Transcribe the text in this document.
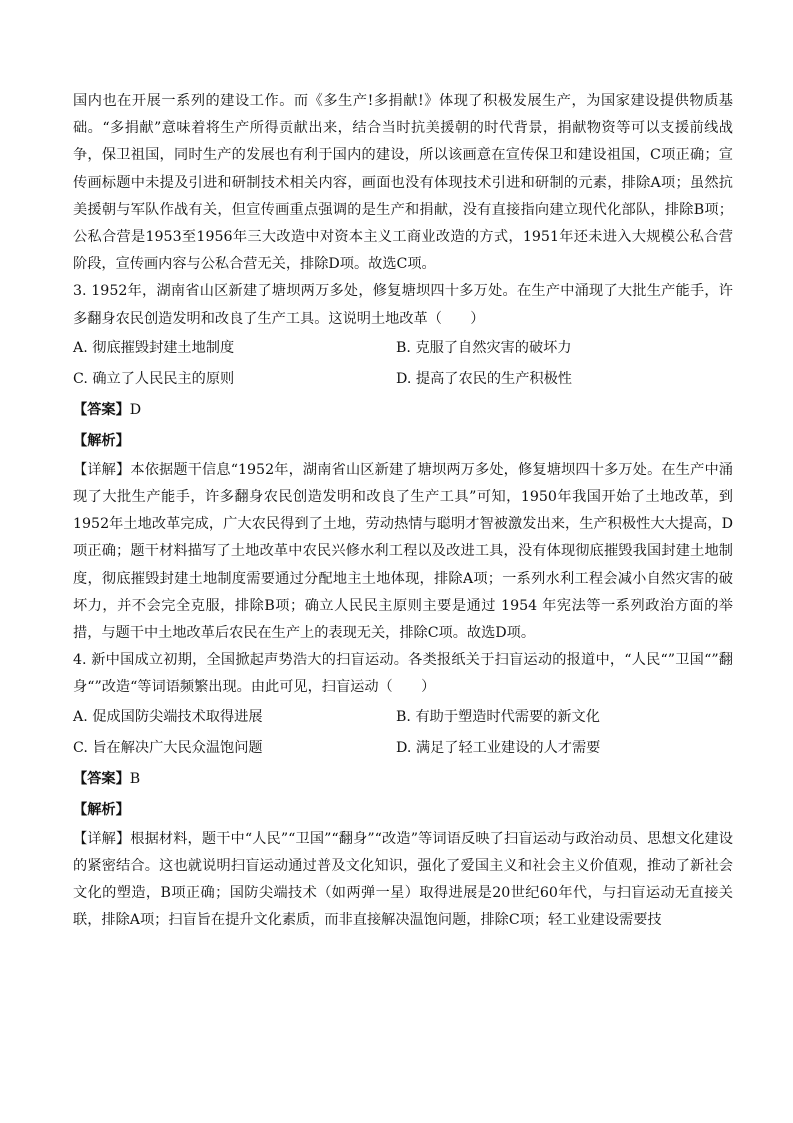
国内也在开展一系列的建设工作。而《多生产!多捐献!》体现了积极发展生产，为国家建设提供物质基础。“多捐献”意味着将生产所得贡献出来，结合当时抗美援朝的时代背景，捐献物资等可以支援前线战争，保卫祖国，同时生产的发展也有利于国内的建设，所以该画意在宣传保卫和建设祖国，C项正确；宣传画标题中未提及引进和研制技术相关内容，画面也没有体现技术引进和研制的元素，排除A项；虽然抗美援朝与军队作战有关，但宣传画重点强调的是生产和捐献，没有直接指向建立现代化部队，排除B项；公私合营是1953至1956年三大改造中对资本主义工商业改造的方式，1951年还未进入大规模公私合营阶段，宣传画内容与公私合营无关，排除D项。故选C项。

3. 1952年，湖南省山区新建了塘坝两万多处，修复塘坝四十多万处。在生产中涌现了大批生产能手，许多翻身农民创造发明和改良了生产工具。这说明土地改革（　　）

A. 彻底摧毁封建土地制度	B. 克服了自然灾害的破坏力
C. 确立了人民民主的原则	D. 提高了农民的生产积极性

【答案】D

【解析】

【详解】本依据题干信息“1952年，湖南省山区新建了塘坝两万多处，修复塘坝四十多万处。在生产中涌现了大批生产能手，许多翻身农民创造发明和改良了生产工具”可知，1950年我国开始了土地改革，到1952年土地改革完成，广大农民得到了土地，劳动热情与聪明才智被激发出来，生产积极性大大提高，D项正确；题干材料描写了土地改革中农民兴修水利工程以及改进工具，没有体现彻底摧毁我国封建土地制度，彻底摧毁封建土地制度需要通过分配地主土地体现，排除A项；一系列水利工程会减小自然灾害的破坏力，并不会完全克服，排除B项；确立人民民主原则主要是通过 1954 年宪法等一系列政治方面的举措，与题干中土地改革后农民在生产上的表现无关，排除C项。故选D项。

4. 新中国成立初期，全国掀起声势浩大的扫盲运动。各类报纸关于扫盲运动的报道中，“人民“”卫国“”翻身“”改造“等词语频繁出现。由此可见，扫盲运动（　　）

A. 促成国防尖端技术取得进展	B. 有助于塑造时代需要的新文化
C. 旨在解决广大民众温饱问题	D. 满足了轻工业建设的人才需要

【答案】B

【解析】

【详解】根据材料，题干中“人民”“卫国”“翻身”“改造”等词语反映了扫盲运动与政治动员、思想文化建设的紧密结合。这也就说明扫盲运动通过普及文化知识，强化了爱国主义和社会主义价值观，推动了新社会文化的塑造，B项正确；国防尖端技术（如两弹一星）取得进展是20世纪60年代，与扫盲运动无直接关联，排除A项；扫盲旨在提升文化素质，而非直接解决温饱问题，排除C项；轻工业建设需要技
